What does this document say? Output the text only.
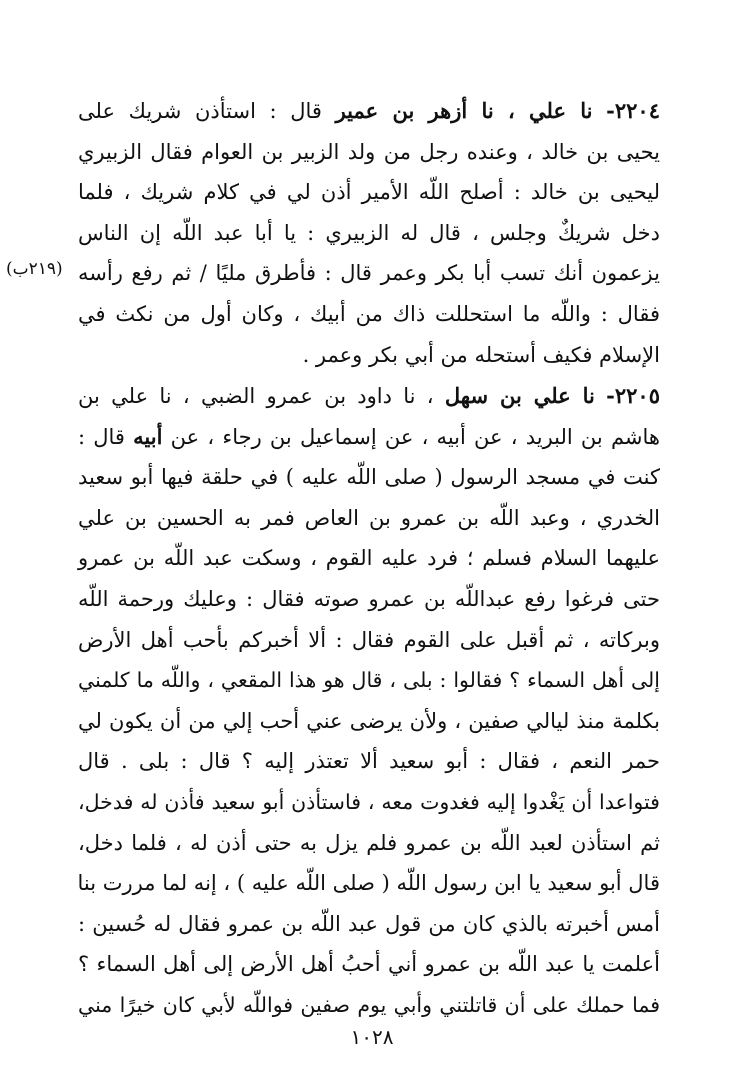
٢٢٠٤- نا علي ، نا أزهر بن عمير قال : استأذن شريك على
يحيى بن خالد ، وعنده رجل من ولد الزبير بن العوام فقال الزبيري
ليحيى بن خالد : أصلح اللّه الأمير أذن لي في كلام شريك ، فلما
دخل شريكٌ وجلس ، قال له الزبيري : يا أبا عبد اللّه إن الناس
يزعمون أنك تسب أبا بكر وعمر قال : فأطرق مليًا / ثم رفع رأسه
فقال : واللّه ما استحللت ذاك من أبيك ، وكان أول من نكث في
الإسلام فكيف أستحله من أبي بكر وعمر .
(٢١٩ب)
٢٢٠٥- نا علي بن سهل ، نا داود بن عمرو الضبي ، نا علي بن
هاشم بن البريد ، عن أبيه ، عن إسماعيل بن رجاء ، عن أبيه قال :
كنت في مسجد الرسول ( صلى اللّه عليه ) في حلقة فيها أبو سعيد
الخدري ، وعبد اللّه بن عمرو بن العاص فمر به الحسين بن علي
عليهما السلام فسلم ؛ فرد عليه القوم ، وسكت عبد اللّه بن عمرو
حتى فرغوا رفع عبداللّه بن عمرو صوته فقال : وعليك ورحمة اللّه
وبركاته ، ثم أقبل على القوم فقال : ألا أخبركم بأحب أهل الأرض
إلى أهل السماء ؟ فقالوا : بلى ، قال هو هذا المقعي ، واللّه ما كلمني
بكلمة منذ ليالي صفين ، ولأن يرضى عني أحب إلي من أن يكون لي
حمر النعم ، فقال : أبو سعيد ألا تعتذر إليه ؟ قال : بلى . قال
فتواعدا أن يَغْدوا إليه فغدوت معه ، فاستأذن أبو سعيد فأذن له فدخل،
ثم استأذن لعبد اللّه بن عمرو فلم يزل به حتى أذن له ، فلما دخل،
قال أبو سعيد يا ابن رسول اللّه ( صلى اللّه عليه ) ، إنه لما مررت بنا
أمس أخبرته بالذي كان من قول عبد اللّه بن عمرو فقال له حُسين :
أعلمت يا عبد اللّه بن عمرو أني أحبُ أهل الأرض إلى أهل السماء ؟
فما حملك على أن قاتلتني وأبي يوم صفين فواللّه لأبي كان خيرًا مني
١٠٢٨
